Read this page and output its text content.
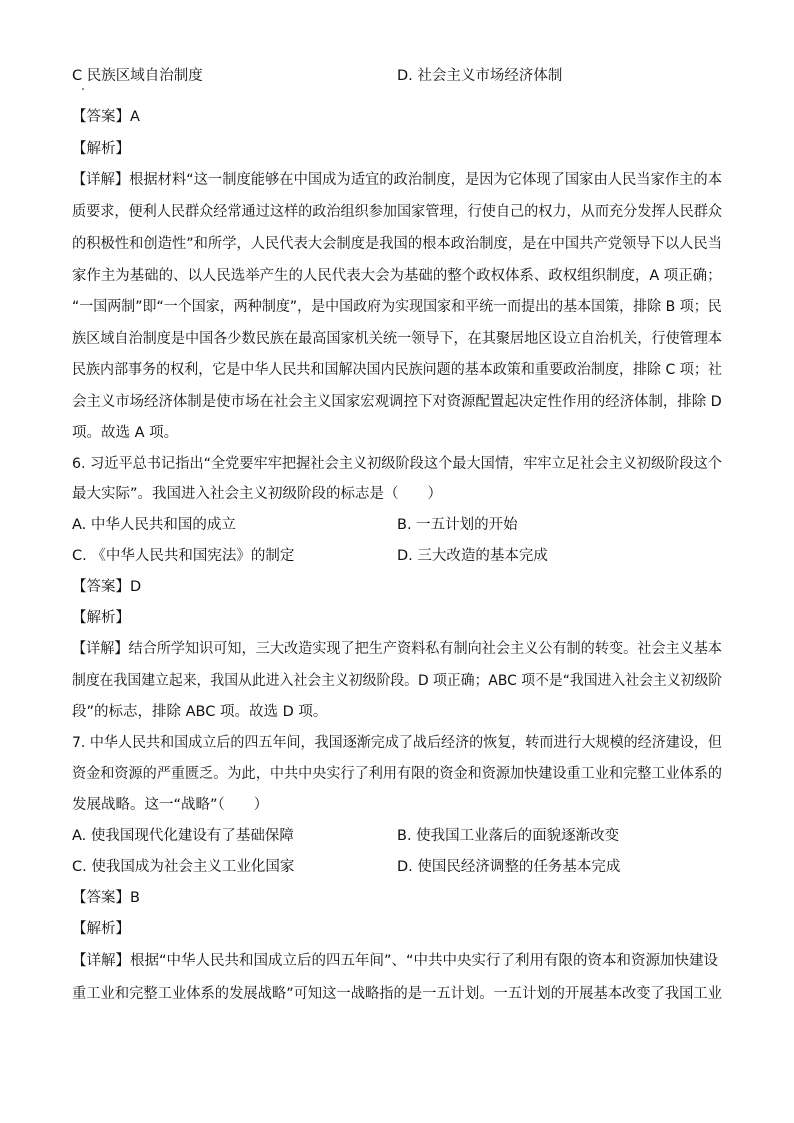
C 民族区域自治制度	D. 社会主义市场经济体制
【答案】A
【解析】
【详解】根据材料“这一制度能够在中国成为适宜的政治制度，是因为它体现了国家由人民当家作主的本
质要求，便利人民群众经常通过这样的政治组织参加国家管理，行使自己的权力，从而充分发挥人民群众
的积极性和创造性”和所学，人民代表大会制度是我国的根本政治制度，是在中国共产党领导下以人民当
家作主为基础的、以人民选举产生的人民代表大会为基础的整个政权体系、政权组织制度，A 项正确；
“一国两制”即“一个国家，两种制度”，是中国政府为实现国家和平统一而提出的基本国策，排除 B 项；民
族区域自治制度是中国各少数民族在最高国家机关统一领导下，在其聚居地区设立自治机关，行使管理本
民族内部事务的权利，它是中华人民共和国解决国内民族问题的基本政策和重要政治制度，排除 C 项；社
会主义市场经济体制是使市场在社会主义国家宏观调控下对资源配置起决定性作用的经济体制，排除 D
项。故选 A 项。
6. 习近平总书记指出“全党要牢牢把握社会主义初级阶段这个最大国情，牢牢立足社会主义初级阶段这个
最大实际”。我国进入社会主义初级阶段的标志是（　　）
A. 中华人民共和国的成立	B. 一五计划的开始
C. 《中华人民共和国宪法》的制定	D. 三大改造的基本完成
【答案】D
【解析】
【详解】结合所学知识可知，三大改造实现了把生产资料私有制向社会主义公有制的转变。社会主义基本
制度在我国建立起来，我国从此进入社会主义初级阶段。D 项正确；ABC 项不是“我国进入社会主义初级阶
段”的标志，排除 ABC 项。故选 D 项。
7. 中华人民共和国成立后的四五年间，我国逐渐完成了战后经济的恢复，转而进行大规模的经济建设，但
资金和资源的严重匮乏。为此，中共中央实行了利用有限的资金和资源加快建设重工业和完整工业体系的
发展战略。这一“战略”（　　）
A. 使我国现代化建设有了基础保障	B. 使我国工业落后的面貌逐渐改变
C. 使我国成为社会主义工业化国家	D. 使国民经济调整的任务基本完成
【答案】B
【解析】
【详解】根据“中华人民共和国成立后的四五年间”、“中共中央实行了利用有限的资本和资源加快建设
重工业和完整工业体系的发展战略”可知这一战略指的是一五计划。一五计划的开展基本改变了我国工业
